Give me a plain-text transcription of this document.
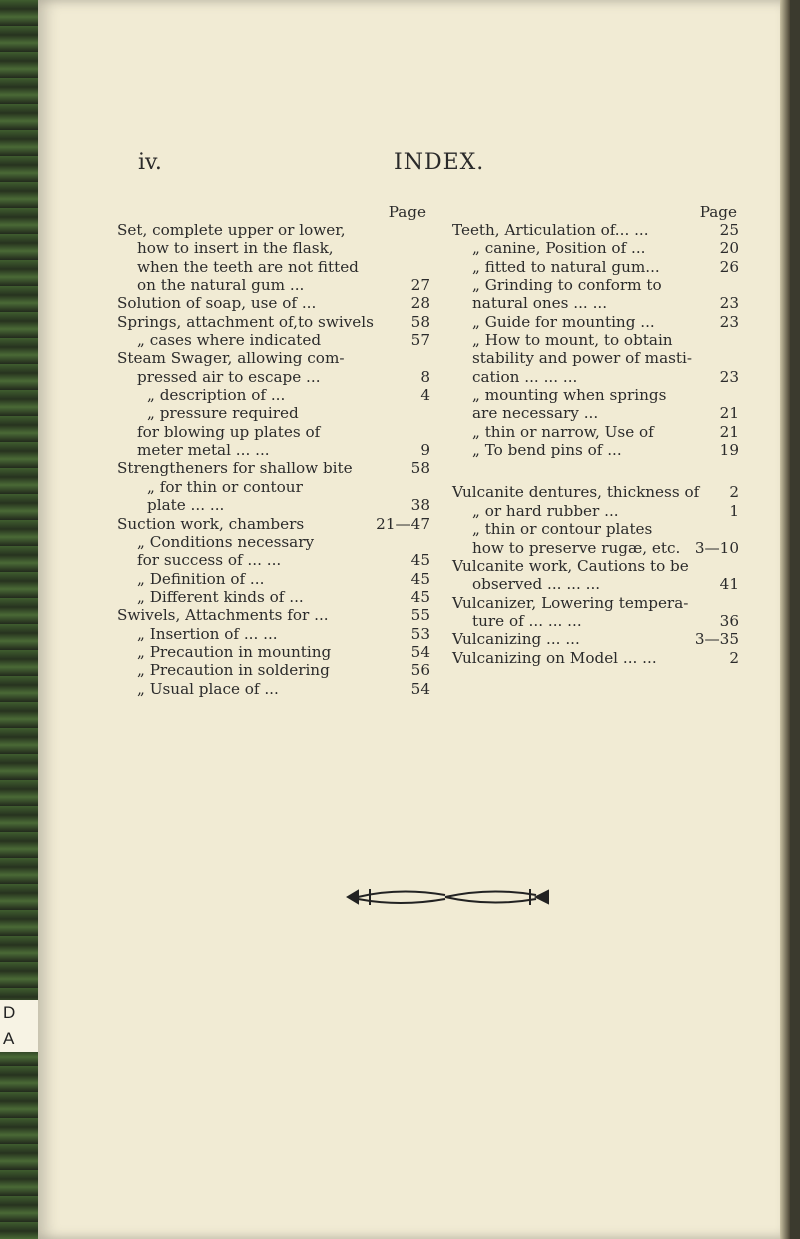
D
A
iv.	INDEX.
Page
Set, complete upper or lower,
how to insert in the flask,
when the teeth are not fitted
on the natural gum ...	27
Solution of soap, use of ...	28
Springs, attachment of,to swivels 58
„ cases where indicated	57
Steam Swager, allowing com-
pressed air to escape ...	8
„ description of ...	4
„ pressure required
for blowing up plates of
meter metal ... ...	9
Strengtheners for shallow bite	58
„ for thin or contour
plate ... ...	38
Suction work, chambers	21—47
„ Conditions necessary
for success of ... ...	45
„ Definition of ...	45
„ Different kinds of ...	45
Swivels, Attachments for ...	55
„ Insertion of ... ...	53
„ Precaution in mounting	54
„ Precaution in soldering	56
„ Usual place of ...	54
Page
Teeth, Articulation of... ...	25
„ canine, Position of ...	20
„ fitted to natural gum...	26
„ Grinding to conform to
natural ones ... ...	23
„ Guide for mounting ...	23
„ How to mount, to obtain
stability and power of masti-
cation ... ... ...	23
„ mounting when springs
are necessary ...	21
„ thin or narrow, Use of	21
„ To bend pins of ...	19
Vulcanite dentures, thickness of 2
„ or hard rubber ...	1
„ thin or contour plates
how to preserve rugæ, etc. 3—10
Vulcanite work, Cautions to be
observed ... ... ...	41
Vulcanizer, Lowering tempera-
ture of ... ... ...	36
Vulcanizing ... ...	3—35
Vulcanizing on Model ... ...	2
